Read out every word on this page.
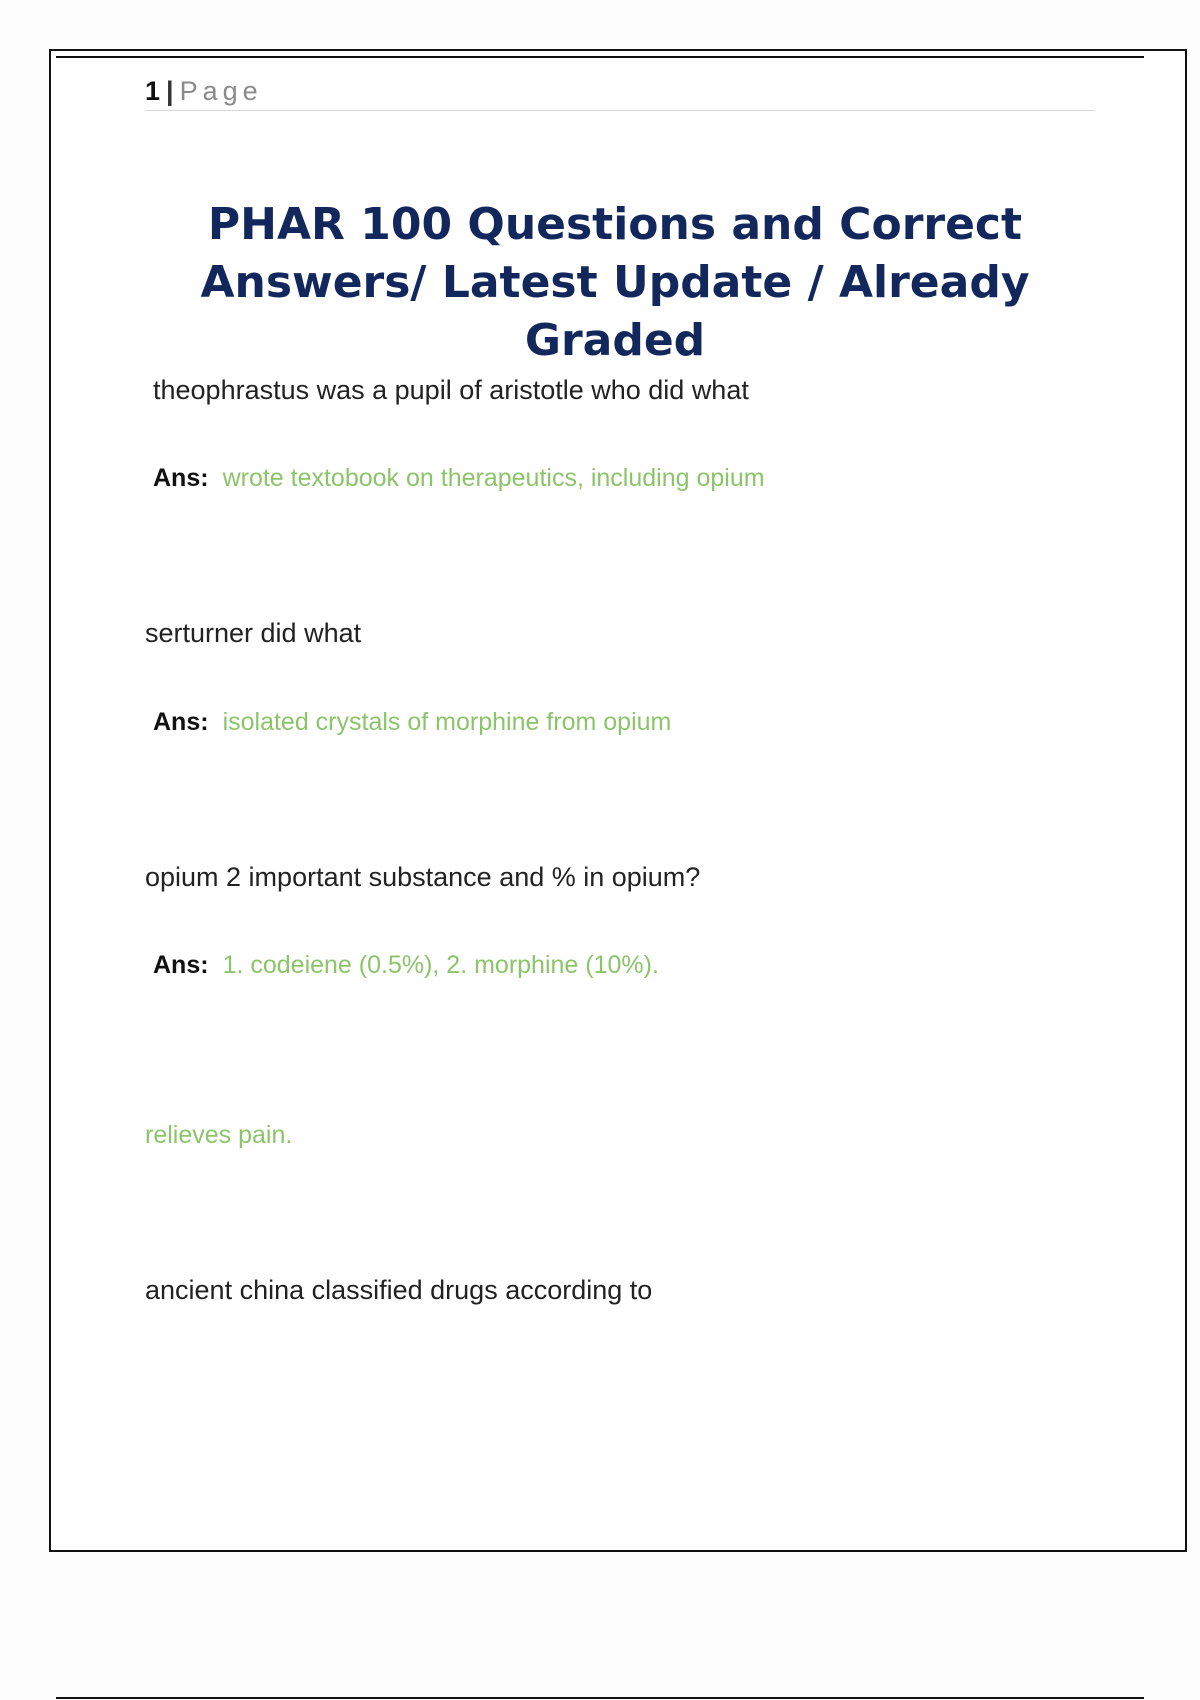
1 | Page
PHAR 100 Questions and Correct Answers/ Latest Update / Already Graded
theophrastus was a pupil of aristotle who did what
Ans: wrote textobook on therapeutics, including opium
serturner did what
Ans: isolated crystals of morphine from opium
opium 2 important substance and % in opium?
Ans: 1. codeiene (0.5%), 2. morphine (10%).
relieves pain.
ancient china classified drugs according to
